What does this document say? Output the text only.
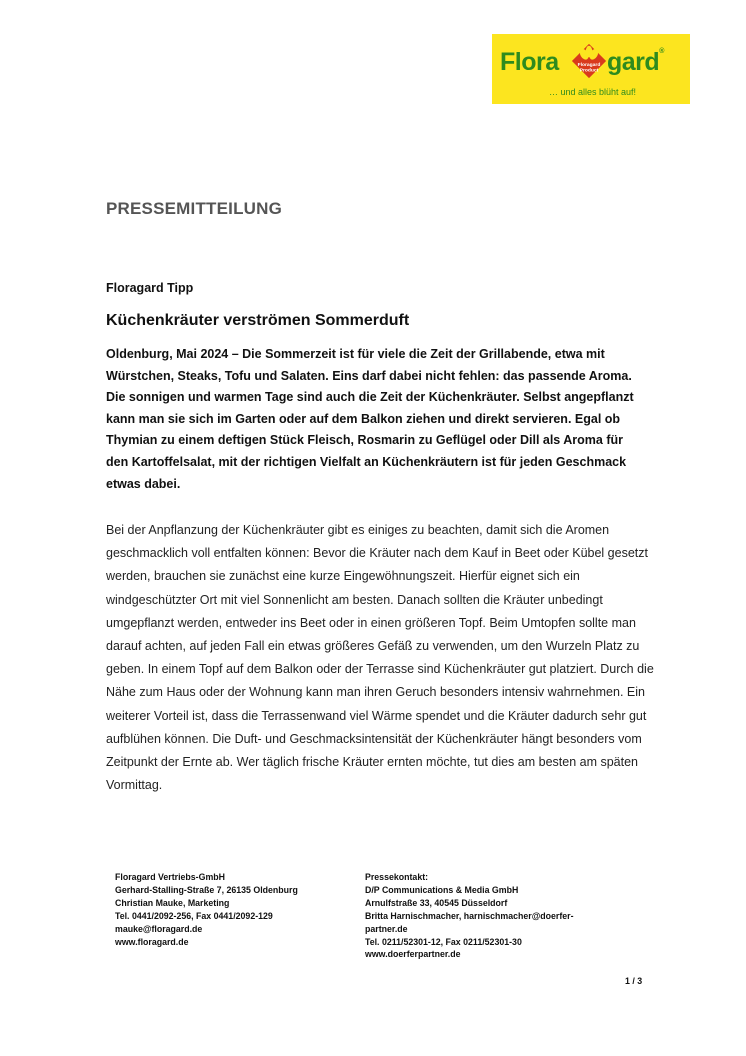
Flora	Floragard
Product gard®
… und alles blüht auf!
PRESSEMITTEILUNG
Floragard Tipp
Küchenkräuter verströmen Sommerduft
Oldenburg, Mai 2024 – Die Sommerzeit ist für viele die Zeit der Grillabende, etwa mit Würstchen, Steaks, Tofu und Salaten. Eins darf dabei nicht fehlen: das passende Aroma. Die sonnigen und warmen Tage sind auch die Zeit der Küchenkräuter. Selbst angepflanzt kann man sie sich im Garten oder auf dem Balkon ziehen und direkt servieren. Egal ob Thymian zu einem deftigen Stück Fleisch, Rosmarin zu Geflügel oder Dill als Aroma für den Kartoffelsalat, mit der richtigen Vielfalt an Küchenkräutern ist für jeden Geschmack etwas dabei.
Bei der Anpflanzung der Küchenkräuter gibt es einiges zu beachten, damit sich die Aromen geschmacklich voll entfalten können: Bevor die Kräuter nach dem Kauf in Beet oder Kübel gesetzt werden, brauchen sie zunächst eine kurze Eingewöhnungszeit. Hierfür eignet sich ein windgeschützter Ort mit viel Sonnenlicht am besten. Danach sollten die Kräuter unbedingt umgepflanzt werden, entweder ins Beet oder in einen größeren Topf. Beim Umtopfen sollte man darauf achten, auf jeden Fall ein etwas größeres Gefäß zu verwenden, um den Wurzeln Platz zu geben. In einem Topf auf dem Balkon oder der Terrasse sind Küchenkräuter gut platziert. Durch die Nähe zum Haus oder der Wohnung kann man ihren Geruch besonders intensiv wahrnehmen. Ein weiterer Vorteil ist, dass die Terrassenwand viel Wärme spendet und die Kräuter dadurch sehr gut aufblühen können. Die Duft- und Geschmacksintensität der Küchenkräuter hängt besonders vom Zeitpunkt der Ernte ab. Wer täglich frische Kräuter ernten möchte, tut dies am besten am späten Vormittag.
Floragard Vertriebs-GmbH
Gerhard-Stalling-Straße 7, 26135 Oldenburg
Christian Mauke, Marketing
Tel. 0441/2092-256, Fax 0441/2092-129
mauke@floragard.de
www.floragard.de
Pressekontakt:
D/P Communications & Media GmbH
Arnulfstraße 33, 40545 Düsseldorf
Britta Harnischmacher, harnischmacher@doerfer-
partner.de
Tel. 0211/52301-12, Fax 0211/52301-30
www.doerferpartner.de
1 / 3
